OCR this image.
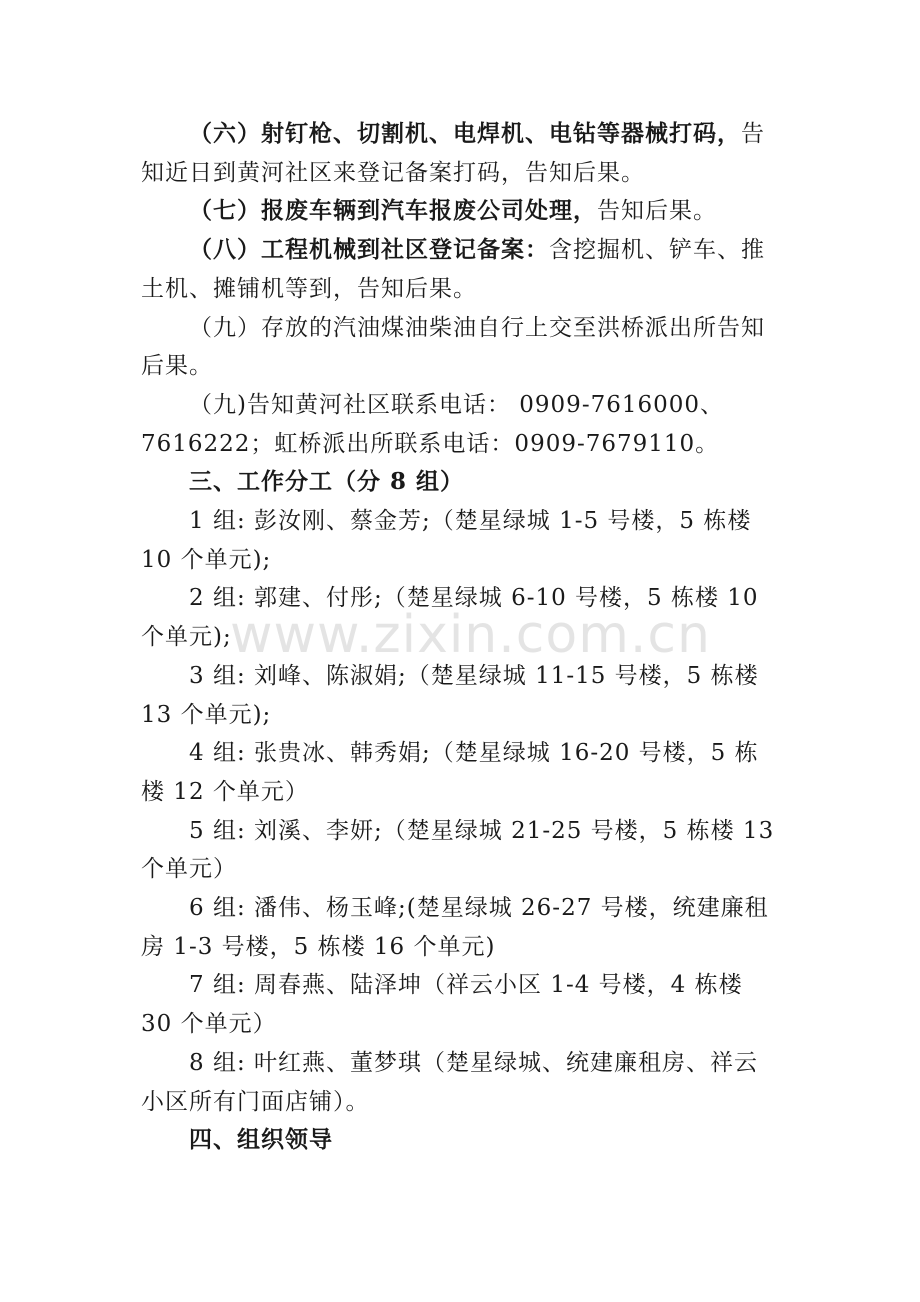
（六）射钉枪、切割机、电焊机、电钻等器械打码，告知近日到黄河社区来登记备案打码，告知后果。

（七）报废车辆到汽车报废公司处理，告知后果。

（八）工程机械到社区登记备案：含挖掘机、铲车、推土机、摊铺机等到，告知后果。

（九）存放的汽油煤油柴油自行上交至洪桥派出所告知后果。

（九)告知黄河社区联系电话： 0909-7616000、7616222；虹桥派出所联系电话：0909-7679110。

三、工作分工（分 8 组）

1 组: 彭汝刚、蔡金芳;（楚星绿城 1-5 号楼，5 栋楼 10 个单元);

2 组: 郭建、付彤;（楚星绿城 6-10 号楼，5 栋楼 10 个单元);

3 组: 刘峰、陈淑娟;（楚星绿城 11-15 号楼，5 栋楼 13 个单元);

4 组: 张贵冰、韩秀娟;（楚星绿城 16-20 号楼，5 栋楼 12 个单元）

5 组: 刘溪、李妍;（楚星绿城 21-25 号楼，5 栋楼 13 个单元）

6 组: 潘伟、杨玉峰;(楚星绿城 26-27 号楼，统建廉租房 1-3 号楼，5 栋楼 16 个单元)

7 组: 周春燕、陆泽坤（祥云小区 1-4 号楼，4 栋楼 30 个单元）

8 组: 叶红燕、董梦琪（楚星绿城、统建廉租房、祥云小区所有门面店铺）。

四、组织领导

www.zixin.com.cn
